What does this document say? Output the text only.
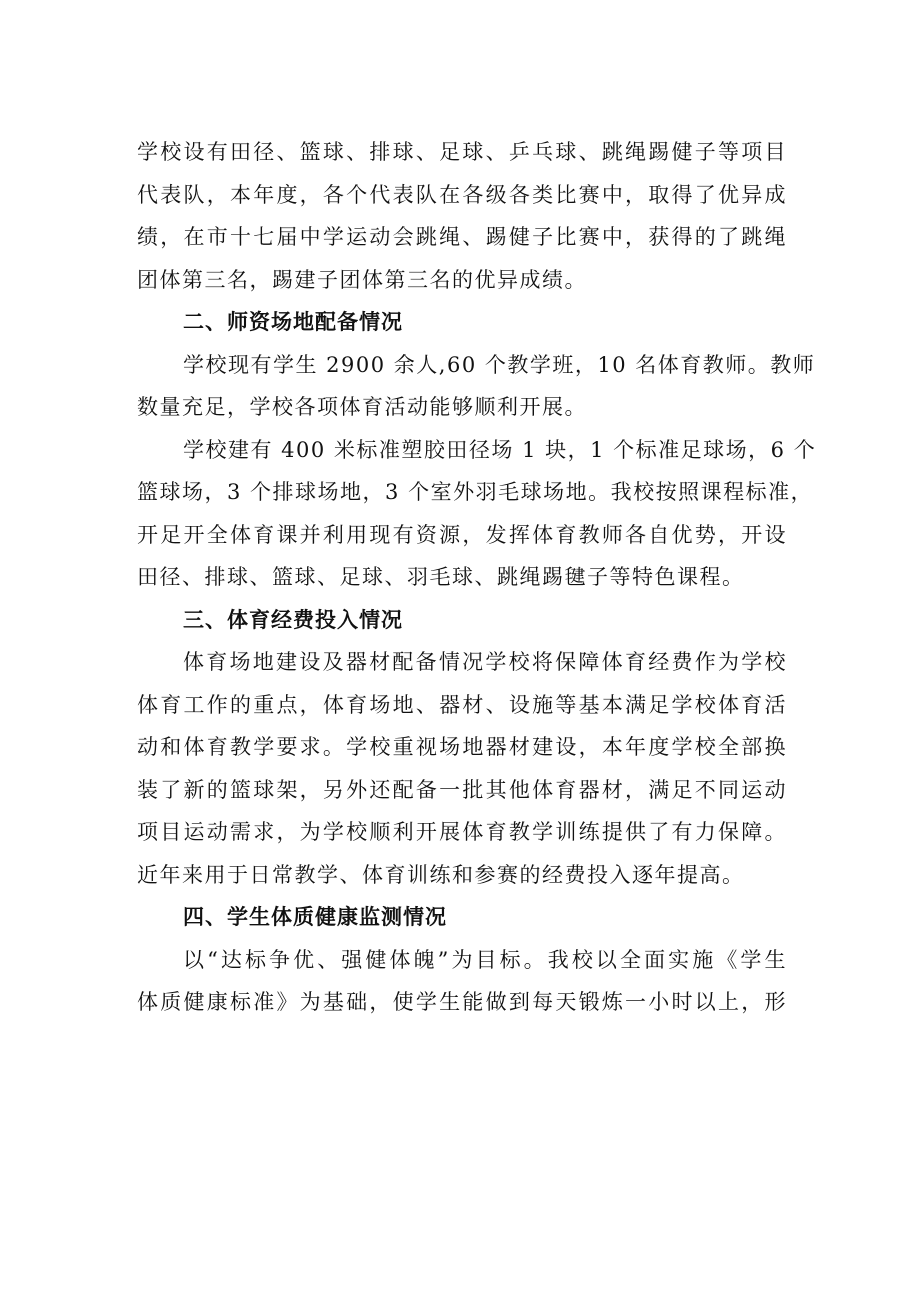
学校设有田径、篮球、排球、足球、乒乓球、跳绳踢健子等项目

代表队，本年度，各个代表队在各级各类比赛中，取得了优异成

绩，在市十七届中学运动会跳绳、踢健子比赛中，获得的了跳绳

团体第三名，踢建子团体第三名的优异成绩。

二、师资场地配备情况

学校现有学生 2900 余人,60 个教学班，10 名体育教师。教师

数量充足，学校各项体育活动能够顺利开展。

学校建有 400 米标准塑胶田径场 1 块，1 个标准足球场，6 个

篮球场，3 个排球场地，3 个室外羽毛球场地。我校按照课程标准，

开足开全体育课并利用现有资源，发挥体育教师各自优势，开设

田径、排球、篮球、足球、羽毛球、跳绳踢毽子等特色课程。

三、体育经费投入情况

体育场地建设及器材配备情况学校将保障体育经费作为学校

体育工作的重点，体育场地、器材、设施等基本满足学校体育活

动和体育教学要求。学校重视场地器材建设，本年度学校全部换

装了新的篮球架，另外还配备一批其他体育器材，满足不同运动

项目运动需求，为学校顺利开展体育教学训练提供了有力保障。

近年来用于日常教学、体育训练和参赛的经费投入逐年提高。

四、学生体质健康监测情况

以“达标争优、强健体魄”为目标。我校以全面实施《学生

体质健康标准》为基础，使学生能做到每天锻炼一小时以上，形
